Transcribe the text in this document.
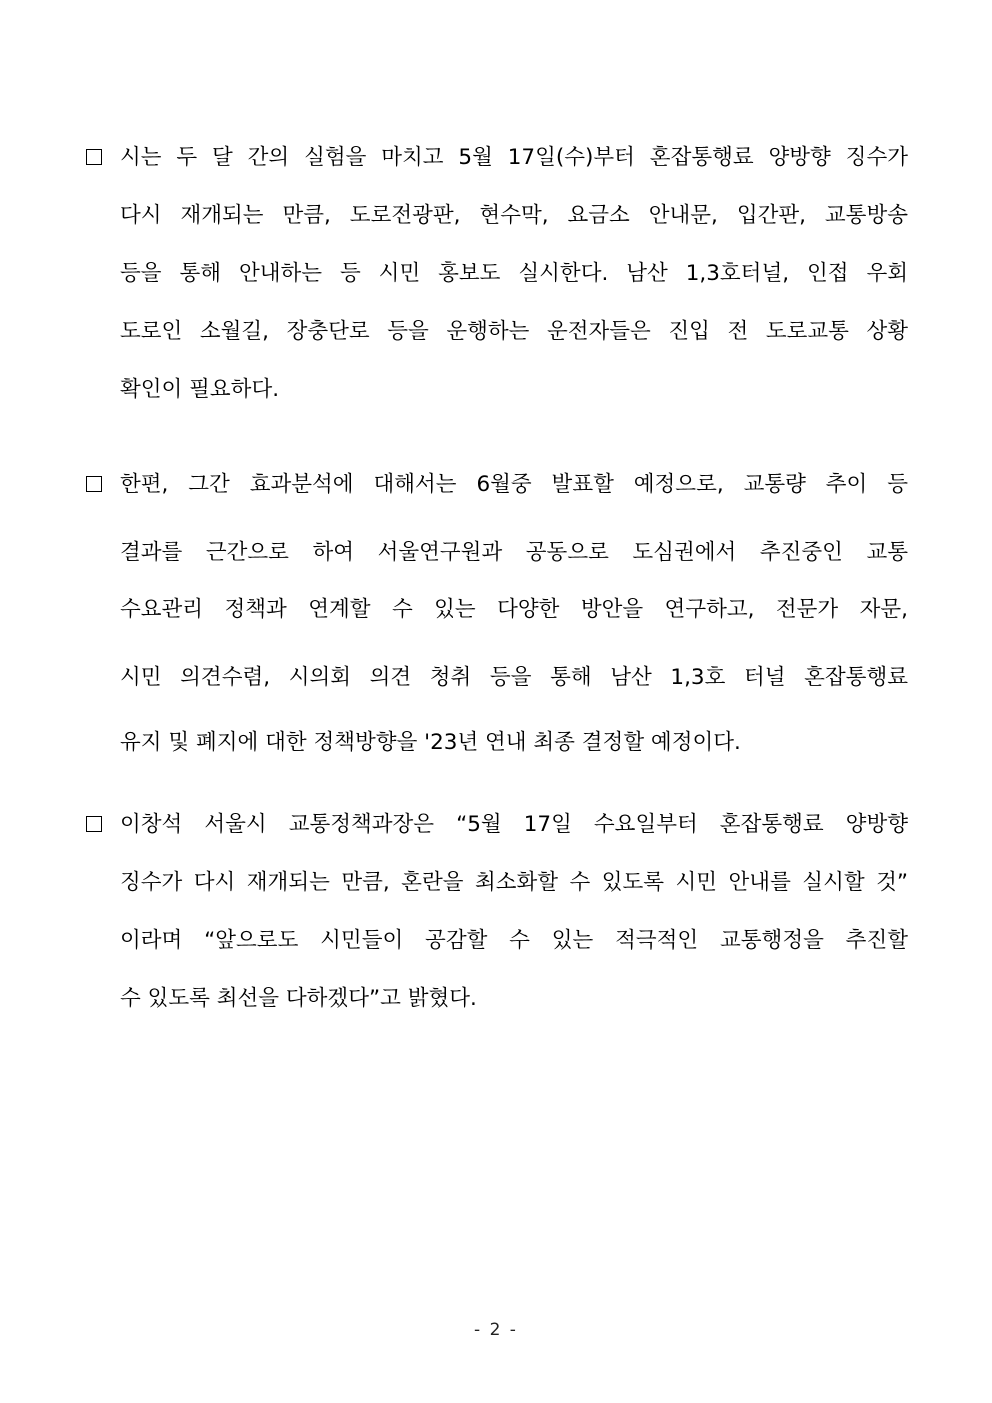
시는 두 달 간의 실험을 마치고 5월 17일(수)부터 혼잡통행료 양방향 징수가
다시 재개되는 만큼, 도로전광판, 현수막, 요금소 안내문, 입간판, 교통방송
등을 통해 안내하는 등 시민 홍보도 실시한다. 남산 1,3호터널, 인접 우회
도로인 소월길, 장충단로 등을 운행하는 운전자들은 진입 전 도로교통 상황
확인이 필요하다.
한편, 그간 효과분석에 대해서는 6월중 발표할 예정으로, 교통량 추이 등
결과를 근간으로 하여 서울연구원과 공동으로 도심권에서 추진중인 교통
수요관리 정책과 연계할 수 있는 다양한 방안을 연구하고, 전문가 자문,
시민 의견수렴, 시의회 의견 청취 등을 통해 남산 1,3호 터널 혼잡통행료
유지 및 폐지에 대한 정책방향을 '23년 연내 최종 결정할 예정이다.
이창석 서울시 교통정책과장은 “5월 17일 수요일부터 혼잡통행료 양방향
징수가 다시 재개되는 만큼, 혼란을 최소화할 수 있도록 시민 안내를 실시할 것”
이라며 “앞으로도 시민들이 공감할 수 있는 적극적인 교통행정을 추진할
수 있도록 최선을 다하겠다”고 밝혔다.
- 2 -
